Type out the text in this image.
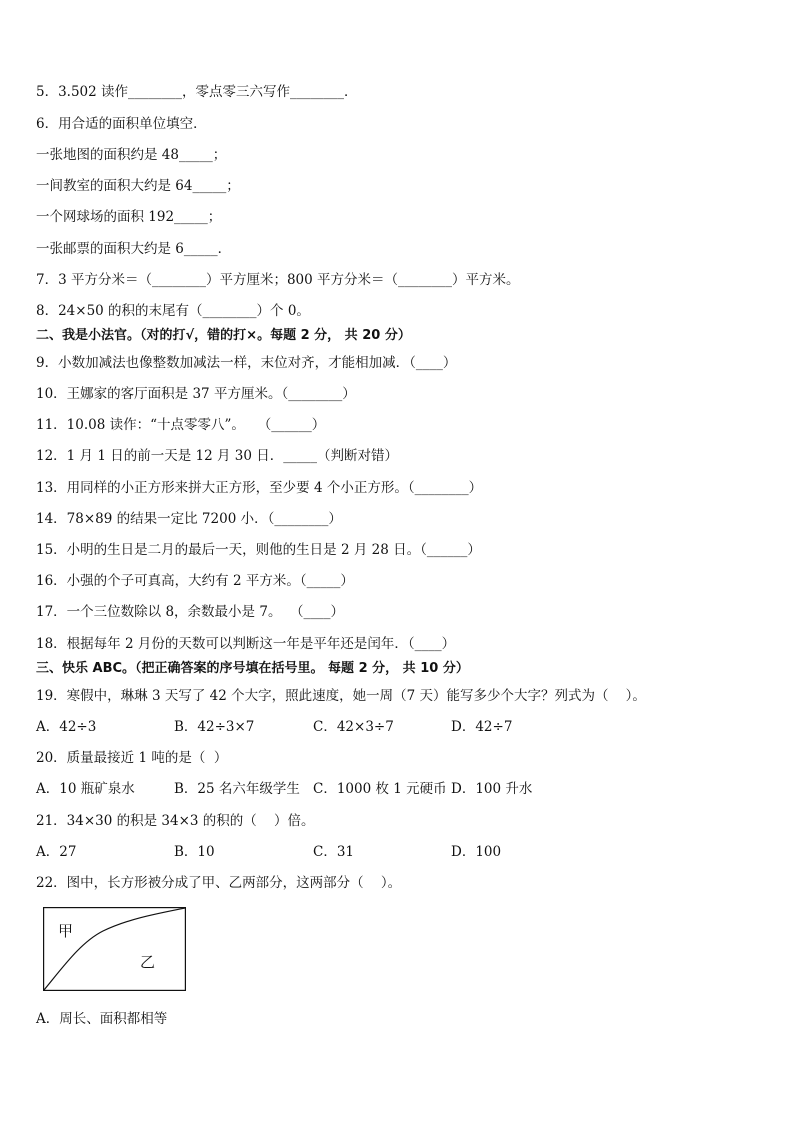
5．3.502 读作________，零点零三六写作________．
6．用合适的面积单位填空．
一张地图的面积约是 48_____；
一间教室的面积大约是 64_____；
一个网球场的面积 192_____；
一张邮票的面积大约是 6_____．
7．3 平方分米＝（________）平方厘米；800 平方分米＝（________）平方米。
8．24×50 的积的末尾有（________）个 0。
二、我是小法官。（对的打√，错的打×。每题 2 分， 共 20 分）
9．小数加减法也像整数加减法一样，末位对齐，才能相加减．（____）
10．王娜家的客厅面积是 37 平方厘米。（________）
11．10.08 读作：“十点零零八”。   （______）
12．1 月 1 日的前一天是 12 月 30 日．_____（判断对错）
13．用同样的小正方形来拼大正方形，至少要 4 个小正方形。（________）
14．78×89 的结果一定比 7200 小．（________）
15．小明的生日是二月的最后一天，则他的生日是 2 月 28 日。（______）
16．小强的个子可真高，大约有 2 平方米。（_____）
17．一个三位数除以 8，余数最小是 7。  （____）
18．根据每年 2 月份的天数可以判断这一年是平年还是闰年．（____）
三、快乐 ABC。（把正确答案的序号填在括号里。 每题 2 分， 共 10 分）
19．寒假中，琳琳 3 天写了 42 个大字，照此速度，她一周（7 天）能写多少个大字？列式为（    ）。
A．42÷3	B．42÷3×7	C．42×3÷7	D．42÷7
20．质量最接近 1 吨的是（  ）
A．10 瓶矿泉水	B．25 名六年级学生 C．1000 枚 1 元硬币 D．100 升水
21．34×30 的积是 34×3 的积的（    ）倍。
A．27	B．10	C．31	D．100
22．图中，长方形被分成了甲、乙两部分，这两部分（    ）。
甲
乙
A．周长、面积都相等
